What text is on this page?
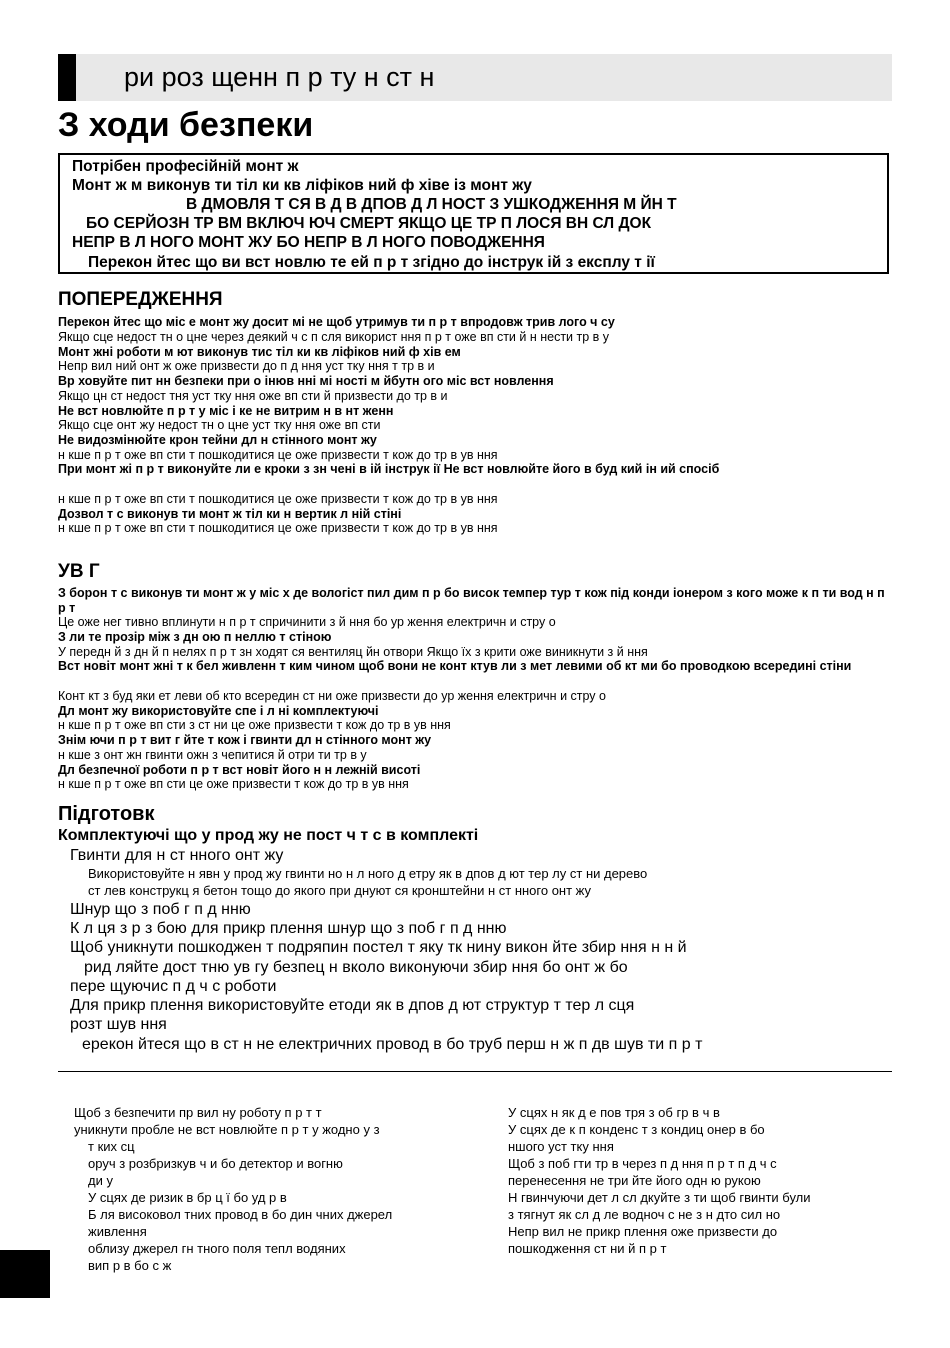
ри роз щенн п р ту н ст н
З ходи безпеки
Потрібен професійній монт ж
Монт ж м виконув ти тіл ки кв ліфіков ний ф хіве із монт жу
В ДМОВЛЯ Т СЯ В Д В ДПОВ Д Л НОСТ З УШКОДЖЕННЯ М ЙН Т
БО СЕРЙОЗН ТР ВМ ВКЛЮЧ ЮЧ СМЕРТ ЯКЩО ЦЕ ТР П ЛОСЯ ВН СЛ ДОК
НЕПР В Л НОГО МОНТ ЖУ БО НЕПР В Л НОГО ПОВОДЖЕННЯ
Перекон йтес що ви вст новлю те ей п р т згідно до інструк ій з експлу т ії
ПОПЕРЕДЖЕННЯ
Перекон йтес що міс е монт жу досит мі не щоб утримув ти п р т впродовж трив лого ч су
Якщо сце недост тн о цне через деякий ч с п сля використ ння п р т оже вп сти й н нести тр в у
Монт жні роботи м ют виконув тис тіл ки кв ліфіков ний ф хів ем
Непр вил ний онт ж оже призвести до п д ння уст тку ння т тр в и
Вр ховуйте пит нн безпеки при о інюв нні мі ності м йбутн ого міс вст новлення
Якщо цн ст недост тня уст тку ння оже вп сти й призвести до тр в и
Не вст новлюйте п р т у міс і ке не витрим н в нт женн
Якщо сце онт жу недост тн о цне уст тку ння оже вп сти
Не видозмінюйте крон тейни дл н стінного монт жу
н кше п р т оже вп сти т пошкодитися це оже призвести т кож до тр в ув ння
При монт жі п р т виконуйте ли е кроки з зн чені в ій інструк ії Не вст новлюйте його в буд кий ін ий спосіб
н кше п р т оже вп сти т пошкодитися це оже призвести т кож до тр в ув ння
Дозвол т с виконув ти монт ж тіл ки н вертик л ній стіні
н кше п р т оже вп сти т пошкодитися це оже призвести т кож до тр в ув ння
УВ Г
З борон т с виконув ти монт ж у міс х де вологіст пил дим п р бо висок темпер тур т кож під конди іонером з кого може к п ти вод н п р т
Це оже нег тивно вплинути н п р т спричинити з й ння бо ур ження електричн и стру о
З ли те прозір між з дн ою п неллю т стіною
У передн й з дн й п нелях п р т зн ходят ся вентиляц йн отвори Якщо їх з крити оже виникнути з й ння
Вст новіт монт жні т к бел живленн т ким чином щоб вони не конт ктув ли з мет левими об кт ми бо проводкою всередині стіни
Конт кт з буд яки ет леви об кто всередин ст ни оже призвести до ур ження електричн и стру о
Дл монт жу використовуйте спе і л ні комплектуючі
н кше п р т оже вп сти з ст ни це оже призвести т кож до тр в ув ння
Знім ючи п р т вит г йте т кож і гвинти дл н стінного монт жу
н кше з онт жн гвинти ожн з чепитися й отри ти тр в у
Дл безпечної роботи п р т вст новіт його н н лежній висоті
н кше п р т оже вп сти це оже призвести т кож до тр в ув ння
Підготовк
Комплектуючі що у прод жу не пост ч т с в комплекті
Гвинти для н ст нного онт жу
Використовуйте н явн у прод жу гвинти но н л ного д етру як в дпов д ют тер лу ст ни дерево
ст лев конструкц я бетон тощо до якого при днуют ся кронштейни н ст нного онт жу
Шнур що з поб г п д нню
К л ця з р з бою для прикр плення шнур що з поб г п д нню
Щоб уникнути пошкоджен т подряпин постел т яку тк нину викон йте збир ння н н й
рид ляйте дост тню ув гу безпец н вколо виконуючи збир ння бо онт ж бо
пере щуючис п д ч с роботи
Для прикр плення використовуйте етоди як в дпов д ют структур т тер л сця
розт шув ння
ерекон йтеся що в ст н не електричних провод в бо труб перш н ж п дв шув ти п р т
Щоб з безпечити пр вил ну роботу п р т т
уникнути пробле не вст новлюйте п р т у жодно у з
т ких сц
оруч з розбризкув ч и бо детектор и вогню
ди у
У сцях де ризик в бр ц ї бо уд р в
Б ля високовол тних провод в бо дин чних джерел
живлення
облизу джерел гн тного поля тепл водяних
вип р в бо с ж
У сцях н як д е пов тря з об гр в ч в
У сцях де к п конденс т з кондиц онер в бо
ншого уст тку ння
Щоб з поб гти тр в через п д ння п р т п д ч с
перенесення не три йте його одн ю рукою
Н гвинчуючи дет л сл дкуйте з ти щоб гвинти були
з тягнут як сл д ле водноч с не з н дто сил но
Непр вил не прикр плення оже призвести до
пошкодження ст ни й п р т
